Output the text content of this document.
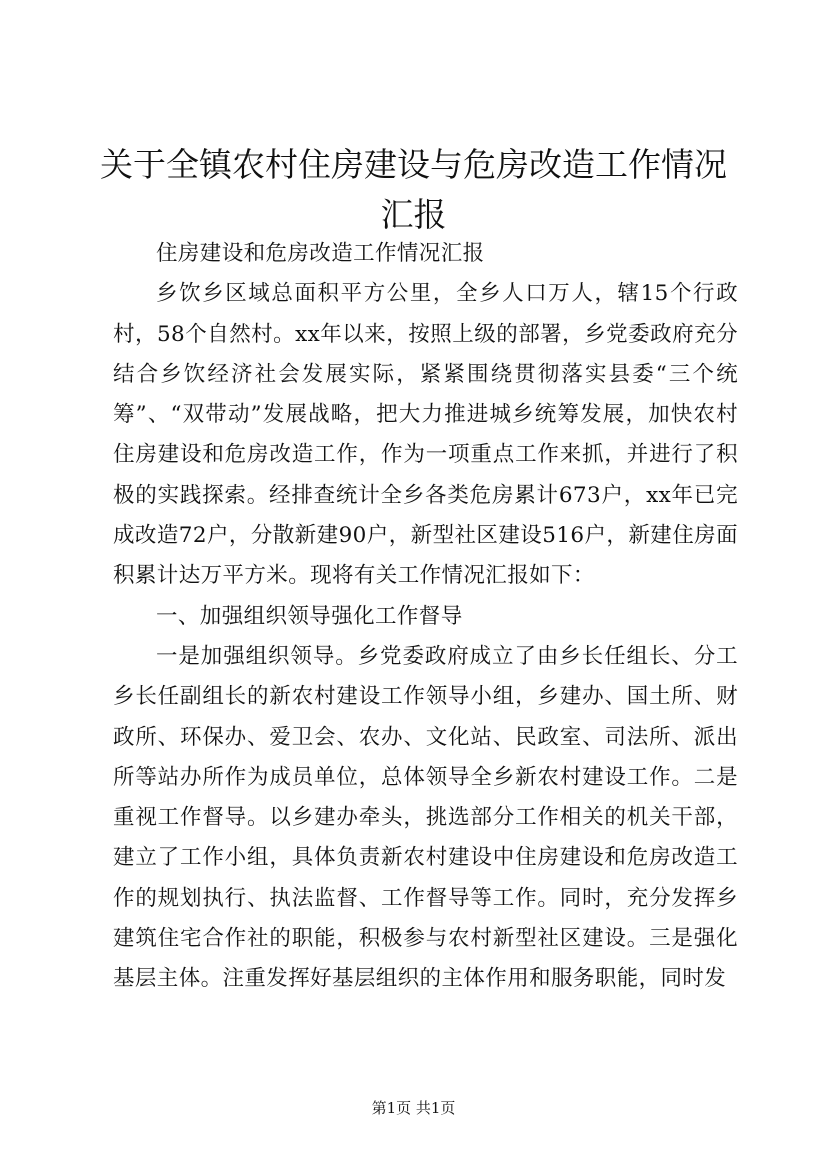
关于全镇农村住房建设与危房改造工作情况汇报

住房建设和危房改造工作情况汇报

乡饮乡区域总面积平方公里，全乡人口万人，辖15个行政村，58个自然村。xx年以来，按照上级的部署，乡党委政府充分结合乡饮经济社会发展实际，紧紧围绕贯彻落实县委“三个统筹”、“双带动”发展战略，把大力推进城乡统筹发展，加快农村住房建设和危房改造工作，作为一项重点工作来抓，并进行了积极的实践探索。经排查统计全乡各类危房累计673户，xx年已完成改造72户，分散新建90户，新型社区建设516户，新建住房面积累计达万平方米。现将有关工作情况汇报如下：

一、加强组织领导强化工作督导

一是加强组织领导。乡党委政府成立了由乡长任组长、分工乡长任副组长的新农村建设工作领导小组，乡建办、国土所、财政所、环保办、爱卫会、农办、文化站、民政室、司法所、派出所等站办所作为成员单位，总体领导全乡新农村建设工作。二是重视工作督导。以乡建办牵头，挑选部分工作相关的机关干部，建立了工作小组，具体负责新农村建设中住房建设和危房改造工作的规划执行、执法监督、工作督导等工作。同时，充分发挥乡建筑住宅合作社的职能，积极参与农村新型社区建设。三是强化基层主体。注重发挥好基层组织的主体作用和服务职能，同时发

第1页 共1页
